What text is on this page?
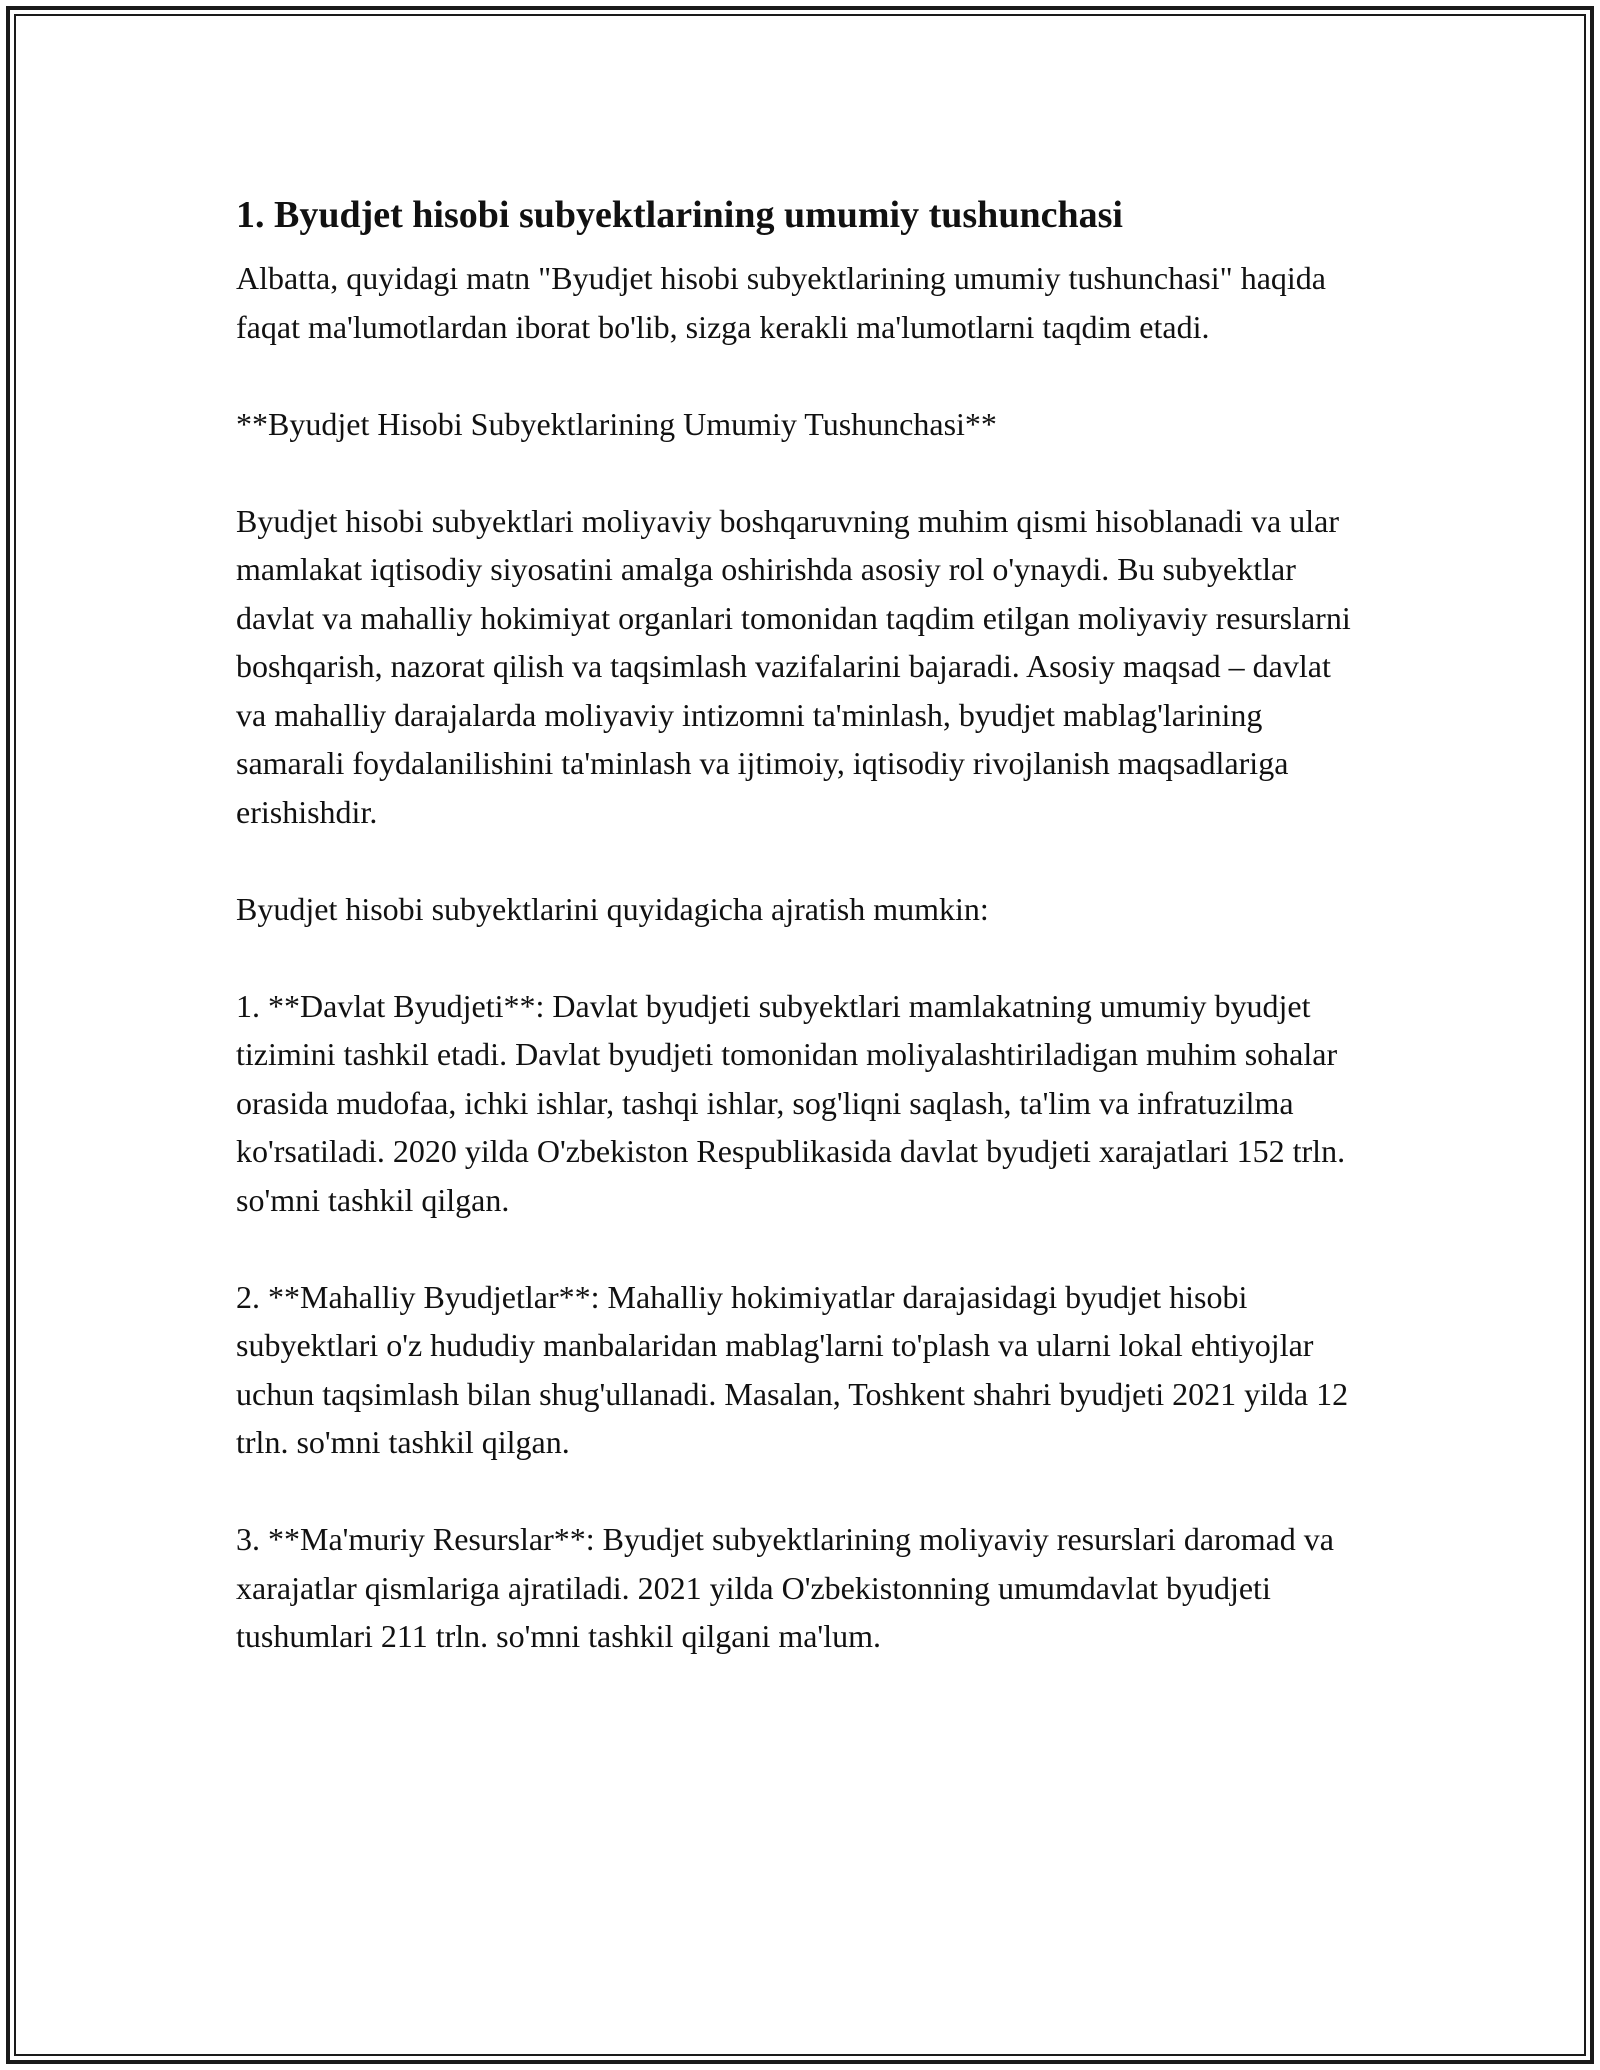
1. Byudjet hisobi subyektlarining umumiy tushunchasi

Albatta, quyidagi matn "Byudjet hisobi subyektlarining umumiy tushunchasi" haqida faqat ma'lumotlardan iborat bo'lib, sizga kerakli ma'lumotlarni taqdim etadi.

**Byudjet Hisobi Subyektlarining Umumiy Tushunchasi**

Byudjet hisobi subyektlari moliyaviy boshqaruvning muhim qismi hisoblanadi va ular mamlakat iqtisodiy siyosatini amalga oshirishda asosiy rol o'ynaydi. Bu subyektlar davlat va mahalliy hokimiyat organlari tomonidan taqdim etilgan moliyaviy resurslarni boshqarish, nazorat qilish va taqsimlash vazifalarini bajaradi. Asosiy maqsad – davlat va mahalliy darajalarda moliyaviy intizomni ta'minlash, byudjet mablag'larining samarali foydalanilishini ta'minlash va ijtimoiy, iqtisodiy rivojlanish maqsadlariga erishishdir.

Byudjet hisobi subyektlarini quyidagicha ajratish mumkin:

1. **Davlat Byudjeti**: Davlat byudjeti subyektlari mamlakatning umumiy byudjet tizimini tashkil etadi. Davlat byudjeti tomonidan moliyalashtiriladigan muhim sohalar orasida mudofaa, ichki ishlar, tashqi ishlar, sog'liqni saqlash, ta'lim va infratuzilma ko'rsatiladi. 2020 yilda O'zbekiston Respublikasida davlat byudjeti xarajatlari 152 trln. so'mni tashkil qilgan.

2. **Mahalliy Byudjetlar**: Mahalliy hokimiyatlar darajasidagi byudjet hisobi subyektlari o'z hududiy manbalaridan mablag'larni to'plash va ularni lokal ehtiyojlar uchun taqsimlash bilan shug'ullanadi. Masalan, Toshkent shahri byudjeti 2021 yilda 12 trln. so'mni tashkil qilgan.

3. **Ma'muriy Resurslar**: Byudjet subyektlarining moliyaviy resurslari daromad va xarajatlar qismlariga ajratiladi. 2021 yilda O'zbekistonning umumdavlat byudjeti tushumlari 211 trln. so'mni tashkil qilgani ma'lum.
